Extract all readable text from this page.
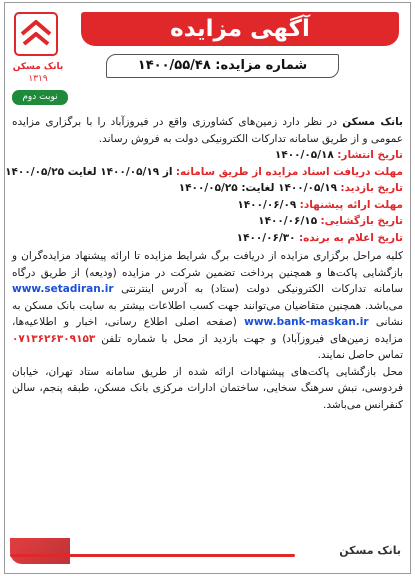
بانک مسکن
۱۳۱۹
نوبت دوم
آگهی مزایده
شماره مزایده: ۱۴۰۰/۵۵/۴۸

بانک مسکن در نظر دارد زمین‌های کشاورزی واقع در فیروزآباد را با برگزاری مزایده عمومی و از طریق سامانه تدارکات الکترونیکی دولت به فروش رساند.

تاریخ انتشار: ۱۴۰۰/۰۵/۱۸
مهلت دریافت اسناد مزایده از طریق سامانه: از ۱۴۰۰/۰۵/۱۹ لغایت ۱۴۰۰/۰۵/۲۵
تاریخ بازدید: ۱۴۰۰/۰۵/۱۹ لغایت: ۱۴۰۰/۰۵/۲۵
مهلت ارائه پیشنهاد: ۱۴۰۰/۰۶/۰۹
تاریخ بازگشایی: ۱۴۰۰/۰۶/۱۵
تاریخ اعلام به برنده: ۱۴۰۰/۰۶/۳۰

کلیه مراحل برگزاری مزایده از دریافت برگ شرایط مزایده تا ارائه پیشنهاد مزایده‌گران و بازگشایی پاکت‌ها و همچنین پرداخت تضمین شرکت در مزایده (ودیعه) از طریق درگاه سامانه تدارکات الکترونیکی دولت (ستاد) به آدرس اینترنتی www.setadiran.ir می‌باشد. همچنین متقاضیان می‌توانند جهت کسب اطلاعات بیشتر به سایت بانک مسکن به نشانی www.bank-maskan.ir (صفحه اصلی اطلاع رسانی، اخبار و اطلاعیه‌ها، مزایده زمین‌های فیروزآباد) و جهت بازدید از محل با شماره تلفن ۰۷۱۳۶۲۶۳۰۹۱۵۳ تماس حاصل نمایند.

محل بازگشایی پاکت‌های پیشنهادات ارائه شده از طریق سامانه ستاد تهران، خیابان فردوسی، نبش سرهنگ سخایی، ساختمان ادارات مرکزی بانک مسکن، طبقه پنجم، سالن کنفرانس می‌باشد.

بانک مسکن
